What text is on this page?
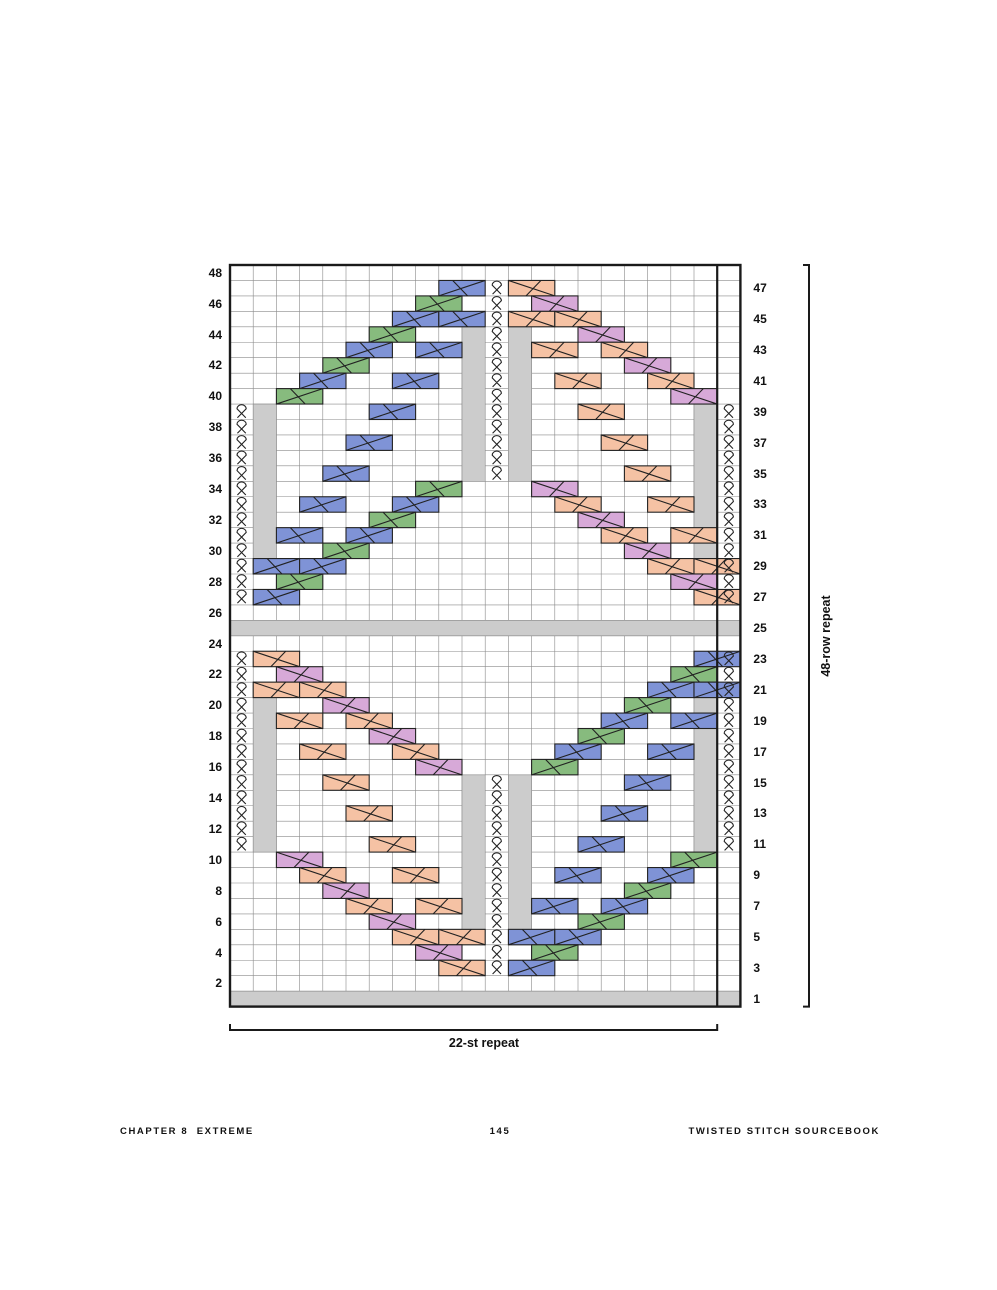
48
46
44
42
40
38
36
34
32
30
28
26
24
22
20
18
16
14
12
10
8
6
4
2
47
45
43
41
39
37
35
33
31
29
27
25
23
21
19
17
15
13
11
9
7
5
3
1
48-row repeat
22-st repeat
CHAPTER 8 EXTREME	145	TWISTED STITCH SOURCEBOOK
